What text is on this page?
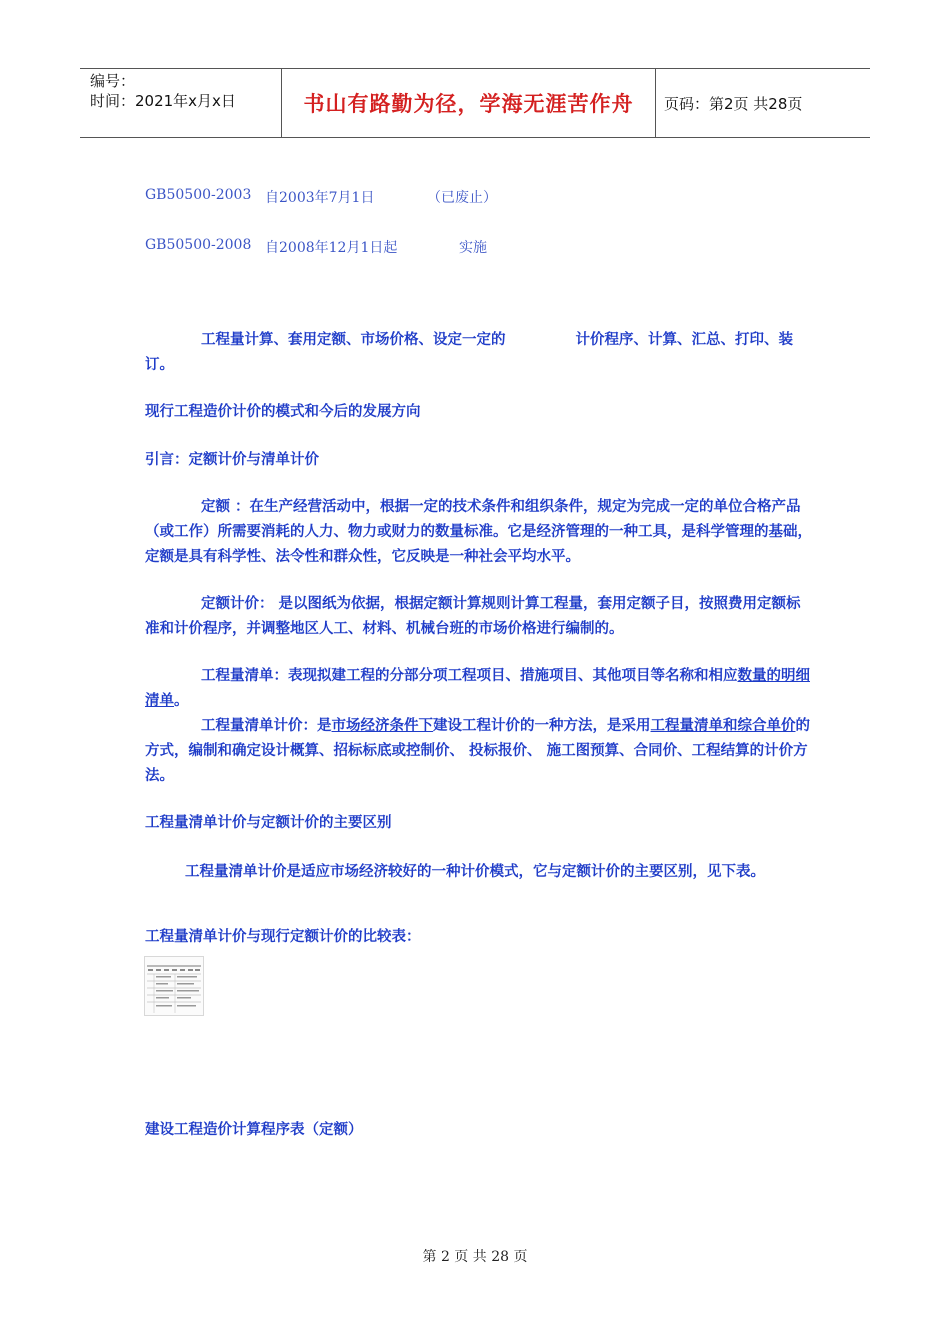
编号：
时间：2021年x月x日	书山有路勤为径，学海无涯苦作舟	页码：第2页 共28页
GB50500-2003 自2003年7月1日	（已废止）
GB50500-2008 自2008年12月1日起	实施
工程量计算、套用定额、市场价格、设定一定的	计价程序、计算、汇总、打印、装订。
现行工程造价计价的模式和今后的发展方向
引言：定额计价与清单计价
定额 ：在生产经营活动中，根据一定的技术条件和组织条件，规定为完成一定的单位合格产品（或工作）所需要消耗的人力、物力或财力的数量标准。它是经济管理的一种工具，是科学管理的基础，定额是具有科学性、法令性和群众性，它反映是一种社会平均水平。
定额计价： 是以图纸为依据，根据定额计算规则计算工程量，套用定额子目，按照费用定额标准和计价程序，并调整地区人工、材料、机械台班的市场价格进行编制的。
工程量清单：表现拟建工程的分部分项工程项目、措施项目、其他项目等名称和相应数量的明细清单。
工程量清单计价：是市场经济条件下建设工程计价的一种方法，是采用工程量清单和综合单价的方式，编制和确定设计概算、招标标底或控制价、 投标报价、 施工图预算、合同价、工程结算的计价方法。
工程量清单计价与定额计价的主要区别
工程量清单计价是适应市场经济较好的一种计价模式，它与定额计价的主要区别，见下表。
工程量清单计价与现行定额计价的比较表：
建设工程造价计算程序表（定额）
第 2 页 共 28 页
